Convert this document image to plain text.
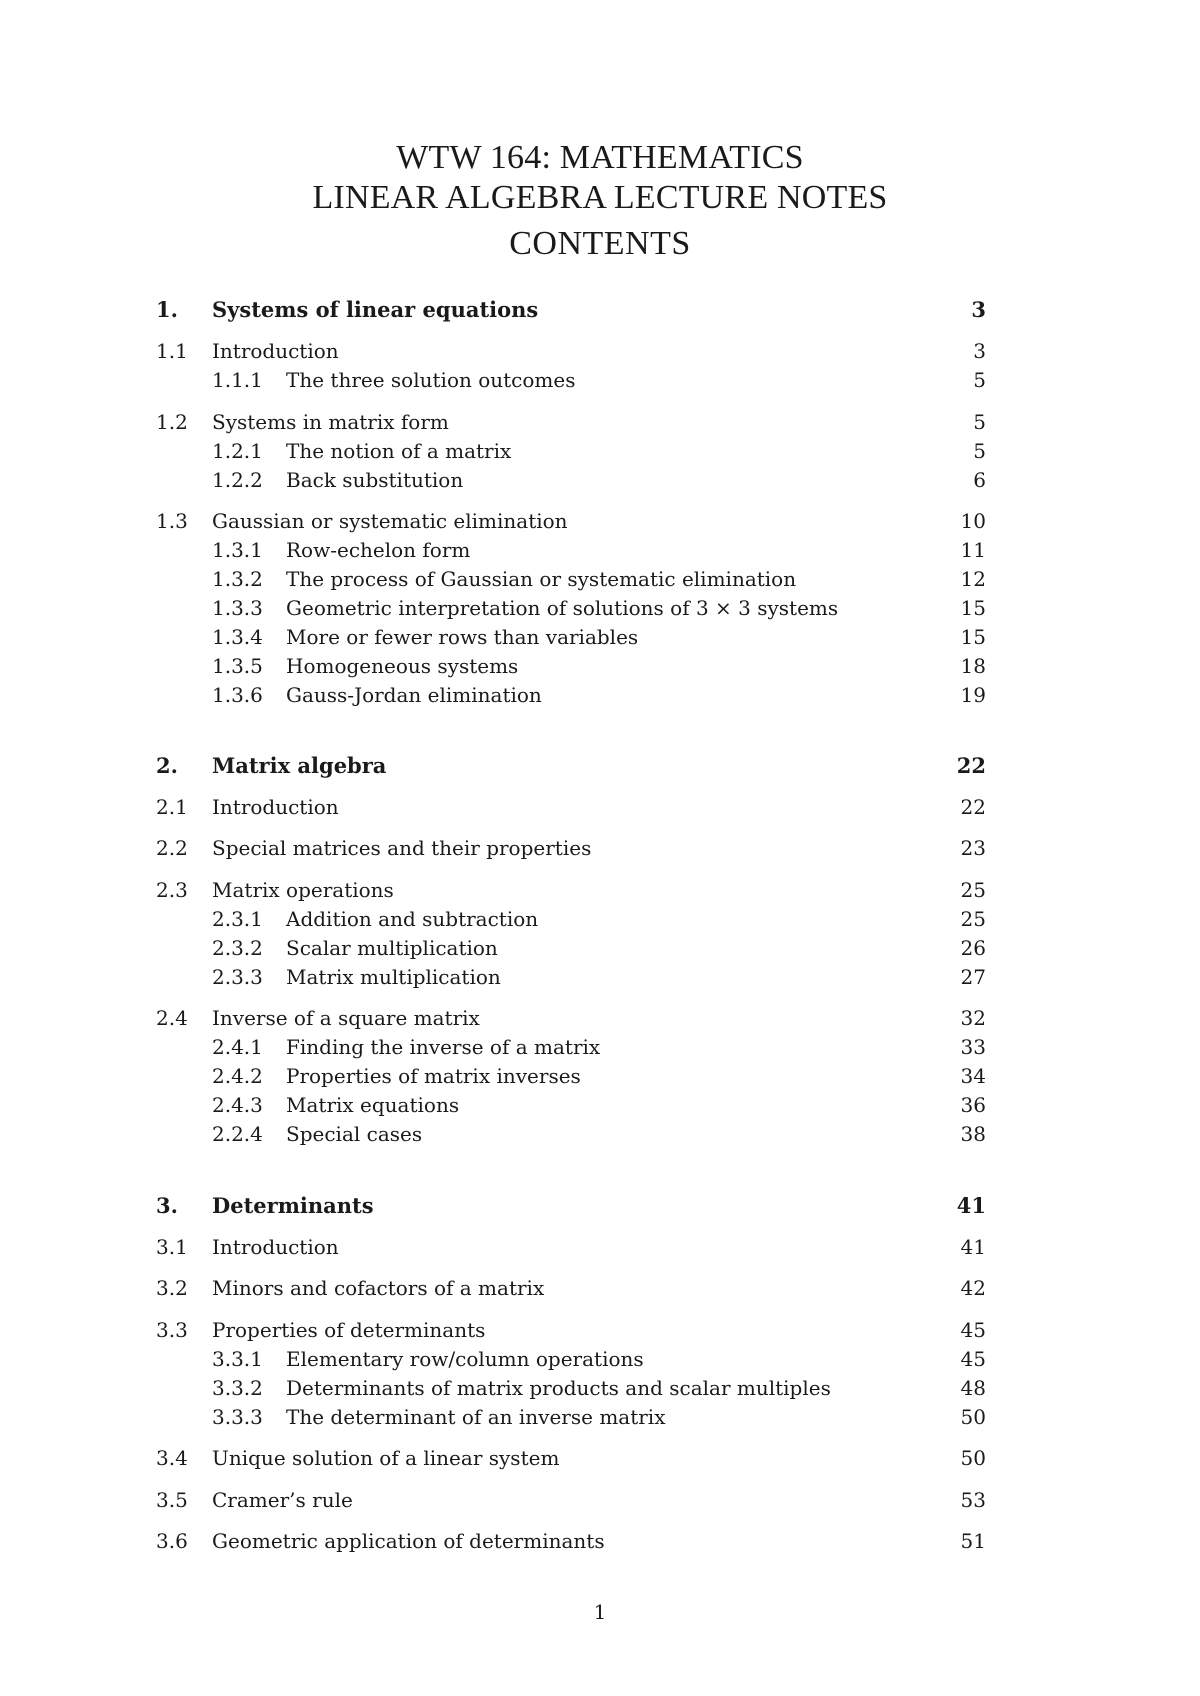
WTW 164: MATHEMATICS
LINEAR ALGEBRA LECTURE NOTES
CONTENTS
1. Systems of linear equations	3
1.1 Introduction	3
1.1.1 The three solution outcomes	5
1.2 Systems in matrix form	5
1.2.1 The notion of a matrix	5
1.2.2 Back substitution	6
1.3 Gaussian or systematic elimination	10
1.3.1 Row-echelon form	11
1.3.2 The process of Gaussian or systematic elimination	12
1.3.3 Geometric interpretation of solutions of 3 × 3 systems	15
1.3.4 More or fewer rows than variables	15
1.3.5 Homogeneous systems	18
1.3.6 Gauss-Jordan elimination	19
2. Matrix algebra	22
2.1 Introduction	22
2.2 Special matrices and their properties	23
2.3 Matrix operations	25
2.3.1 Addition and subtraction	25
2.3.2 Scalar multiplication	26
2.3.3 Matrix multiplication	27
2.4 Inverse of a square matrix	32
2.4.1 Finding the inverse of a matrix	33
2.4.2 Properties of matrix inverses	34
2.4.3 Matrix equations	36
2.2.4 Special cases	38
3. Determinants	41
3.1 Introduction	41
3.2 Minors and cofactors of a matrix	42
3.3 Properties of determinants	45
3.3.1 Elementary row/column operations	45
3.3.2 Determinants of matrix products and scalar multiples	48
3.3.3 The determinant of an inverse matrix	50
3.4 Unique solution of a linear system	50
3.5 Cramer’s rule	53
3.6 Geometric application of determinants	51
1
